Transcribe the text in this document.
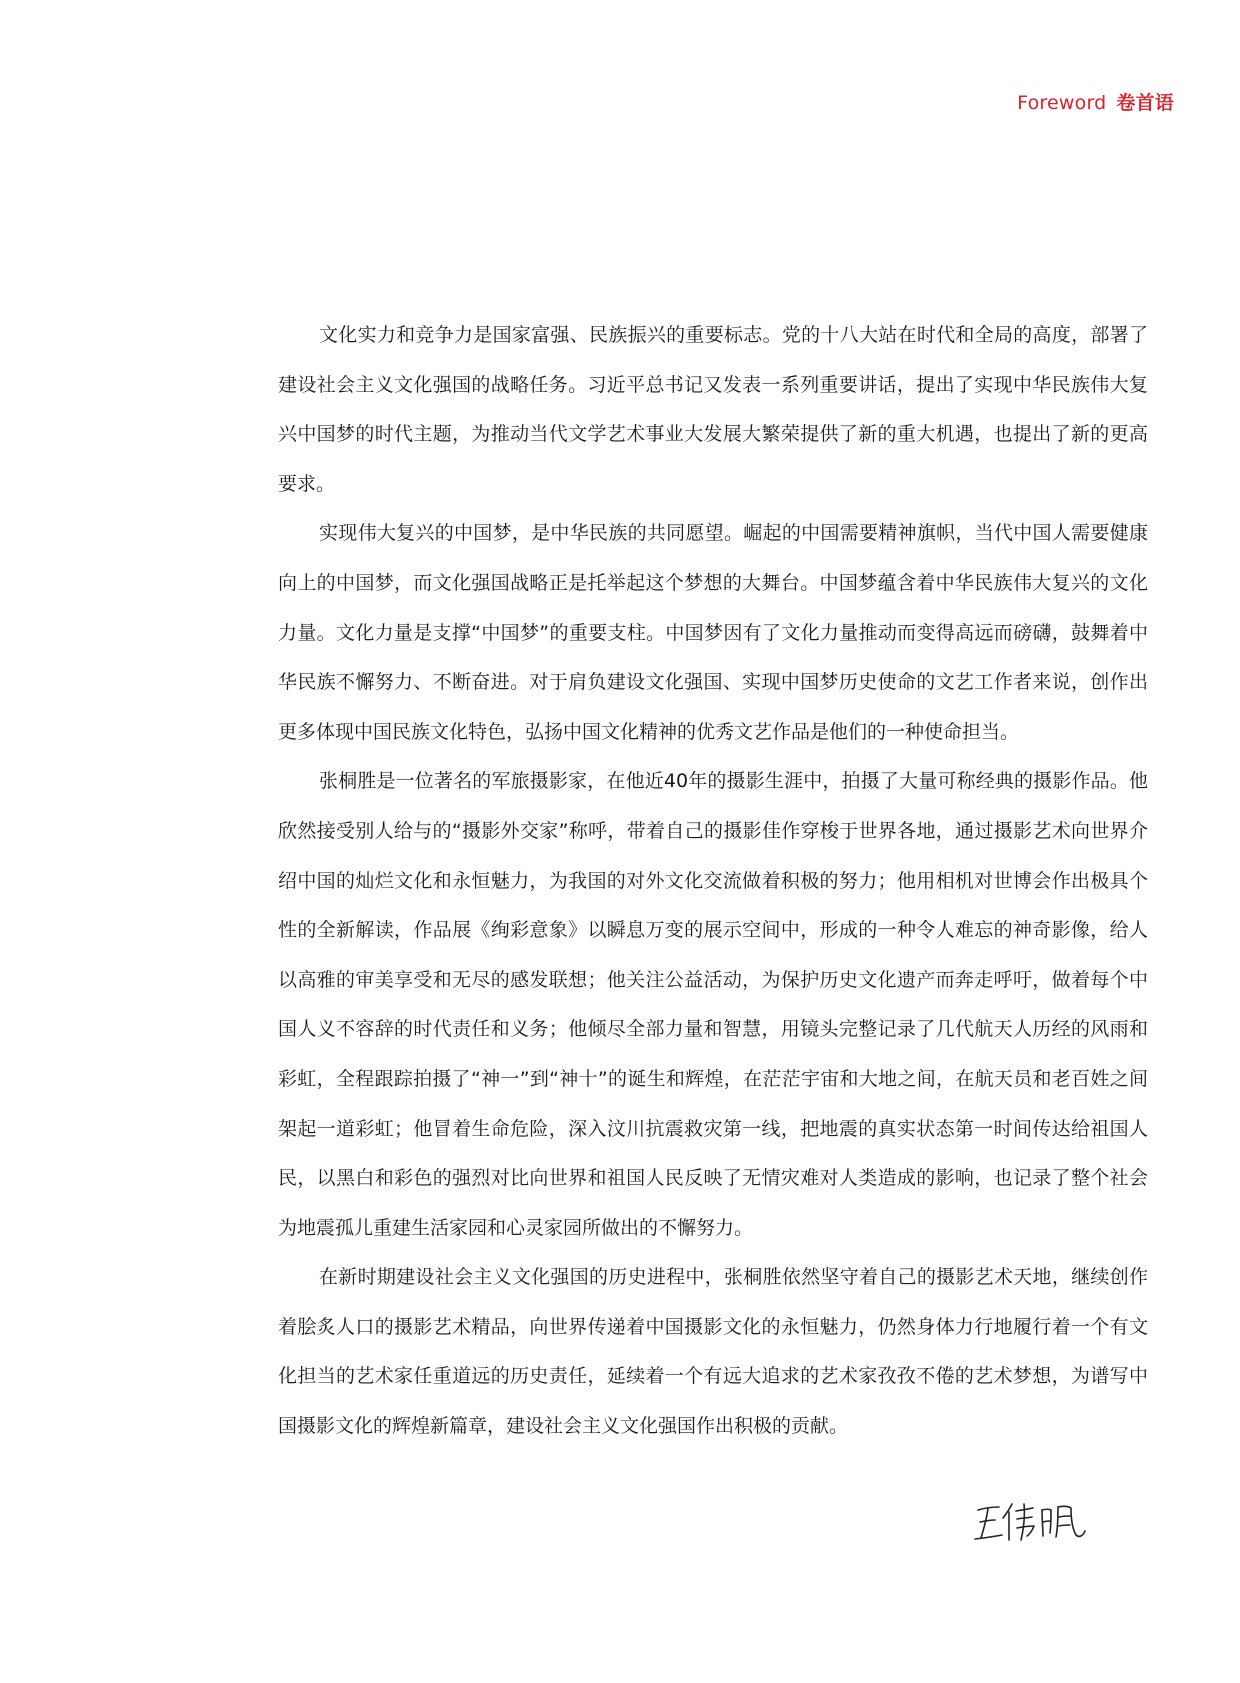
Foreword 卷首语

文化实力和竞争力是国家富强、民族振兴的重要标志。党的十八大站在时代和全局的高度，部署了建设社会主义文化强国的战略任务。习近平总书记又发表一系列重要讲话，提出了实现中华民族伟大复兴中国梦的时代主题，为推动当代文学艺术事业大发展大繁荣提供了新的重大机遇，也提出了新的更高要求。

实现伟大复兴的中国梦，是中华民族的共同愿望。崛起的中国需要精神旗帜，当代中国人需要健康向上的中国梦，而文化强国战略正是托举起这个梦想的大舞台。中国梦蕴含着中华民族伟大复兴的文化力量。文化力量是支撑“中国梦”的重要支柱。中国梦因有了文化力量推动而变得高远而磅礴，鼓舞着中华民族不懈努力、不断奋进。对于肩负建设文化强国、实现中国梦历史使命的文艺工作者来说，创作出更多体现中国民族文化特色，弘扬中国文化精神的优秀文艺作品是他们的一种使命担当。

张桐胜是一位著名的军旅摄影家，在他近40年的摄影生涯中，拍摄了大量可称经典的摄影作品。他欣然接受别人给与的“摄影外交家”称呼，带着自己的摄影佳作穿梭于世界各地，通过摄影艺术向世界介绍中国的灿烂文化和永恒魅力，为我国的对外文化交流做着积极的努力；他用相机对世博会作出极具个性的全新解读，作品展《绚彩意象》以瞬息万变的展示空间中，形成的一种令人难忘的神奇影像，给人以高雅的审美享受和无尽的感发联想；他关注公益活动，为保护历史文化遗产而奔走呼吁，做着每个中国人义不容辞的时代责任和义务；他倾尽全部力量和智慧，用镜头完整记录了几代航天人历经的风雨和彩虹，全程跟踪拍摄了“神一”到“神十”的诞生和辉煌，在茫茫宇宙和大地之间，在航天员和老百姓之间架起一道彩虹；他冒着生命危险，深入汶川抗震救灾第一线，把地震的真实状态第一时间传达给祖国人民，以黑白和彩色的强烈对比向世界和祖国人民反映了无情灾难对人类造成的影响，也记录了整个社会为地震孤儿重建生活家园和心灵家园所做出的不懈努力。

在新时期建设社会主义文化强国的历史进程中，张桐胜依然坚守着自己的摄影艺术天地，继续创作着脍炙人口的摄影艺术精品，向世界传递着中国摄影文化的永恒魅力，仍然身体力行地履行着一个有文化担当的艺术家任重道远的历史责任，延续着一个有远大追求的艺术家孜孜不倦的艺术梦想，为谱写中国摄影文化的辉煌新篇章，建设社会主义文化强国作出积极的贡献。
